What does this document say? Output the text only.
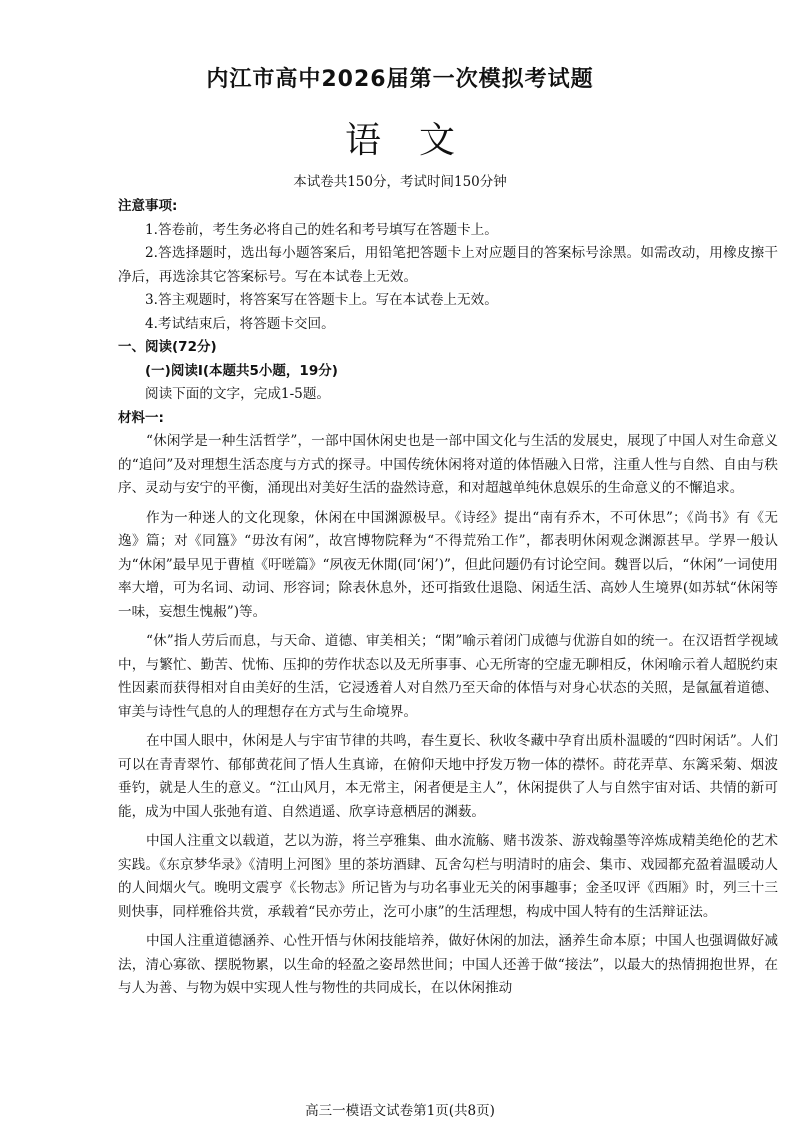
内江市高中2026届第一次模拟考试题
语文
本试卷共150分，考试时间150分钟
注意事项:

1.答卷前，考生务必将自己的姓名和考号填写在答题卡上。

2.答选择题时，选出每小题答案后，用铅笔把答题卡上对应题目的答案标号涂黑。如需改动，用橡皮擦干净后，再选涂其它答案标号。写在本试卷上无效。

3.答主观题时，将答案写在答题卡上。写在本试卷上无效。

4.考试结束后，将答题卡交回。

一、阅读(72分)
(一)阅读Ⅰ(本题共5小题，19分)
阅读下面的文字，完成1-5题。
材料一:

“休闲学是一种生活哲学”，一部中国休闲史也是一部中国文化与生活的发展史，展现了中国人对生命意义的“追问”及对理想生活态度与方式的探寻。中国传统休闲将对道的体悟融入日常，注重人性与自然、自由与秩序、灵动与安宁的平衡，涌现出对美好生活的盎然诗意，和对超越单纯休息娱乐的生命意义的不懈追求。

作为一种迷人的文化现象，休闲在中国渊源极早。《诗经》提出“南有乔木，不可休思”；《尚书》有《无逸》篇；对《同簋》“毋汝有闲”，故宫博物院释为“不得荒殆工作”，都表明休闲观念渊源甚早。学界一般认为“休闲”最早见于曹植《吁嗟篇》“夙夜无休閒(同‘闲’)”，但此问题仍有讨论空间。魏晋以后，“休闲”一词使用率大增，可为名词、动词、形容词；除表休息外，还可指致仕退隐、闲适生活、高妙人生境界(如苏轼“休闲等一味，妄想生愧赧”)等。

“休”指人劳后而息，与天命、道德、审美相关；“閑”喻示着闭门成德与优游自如的统一。在汉语哲学视域中，与繁忙、勤苦、忧怖、压抑的劳作状态以及无所事事、心无所寄的空虚无聊相反，休闲喻示着人超脱约束性因素而获得相对自由美好的生活，它浸透着人对自然乃至天命的体悟与对身心状态的关照，是氤氲着道德、审美与诗性气息的人的理想存在方式与生命境界。

在中国人眼中，休闲是人与宇宙节律的共鸣，春生夏长、秋收冬藏中孕育出质朴温暖的“四时闲话”。人们可以在青青翠竹、郁郁黄花间了悟人生真谛，在俯仰天地中抒发万物一体的襟怀。莳花弄草、东篱采菊、烟波垂钓，就是人生的意义。“江山风月，本无常主，闲者便是主人”，休闲提供了人与自然宇宙对话、共情的新可能，成为中国人张弛有道、自然逍遥、欣享诗意栖居的渊薮。

中国人注重文以载道，艺以为游，将兰亭雅集、曲水流觞、赌书泼茶、游戏翰墨等淬炼成精美绝伦的艺术实践。《东京梦华录》《清明上河图》里的茶坊酒肆、瓦舍勾栏与明清时的庙会、集市、戏园都充盈着温暖动人的人间烟火气。晚明文震亨《长物志》所记皆为与功名事业无关的闲事趣事；金圣叹评《西厢》时，列三十三则快事，同样雅俗共赏，承载着“民亦劳止，汔可小康”的生活理想，构成中国人特有的生活辩证法。

中国人注重道德涵养、心性开悟与休闲技能培养，做好休闲的加法，涵养生命本原；中国人也强调做好减法，清心寡欲、摆脱物累，以生命的轻盈之姿昂然世间；中国人还善于做“接法”，以最大的热情拥抱世界，在与人为善、与物为娱中实现人性与物性的共同成长，在以休闲推动

高三一模语文试卷第1页(共8页)
